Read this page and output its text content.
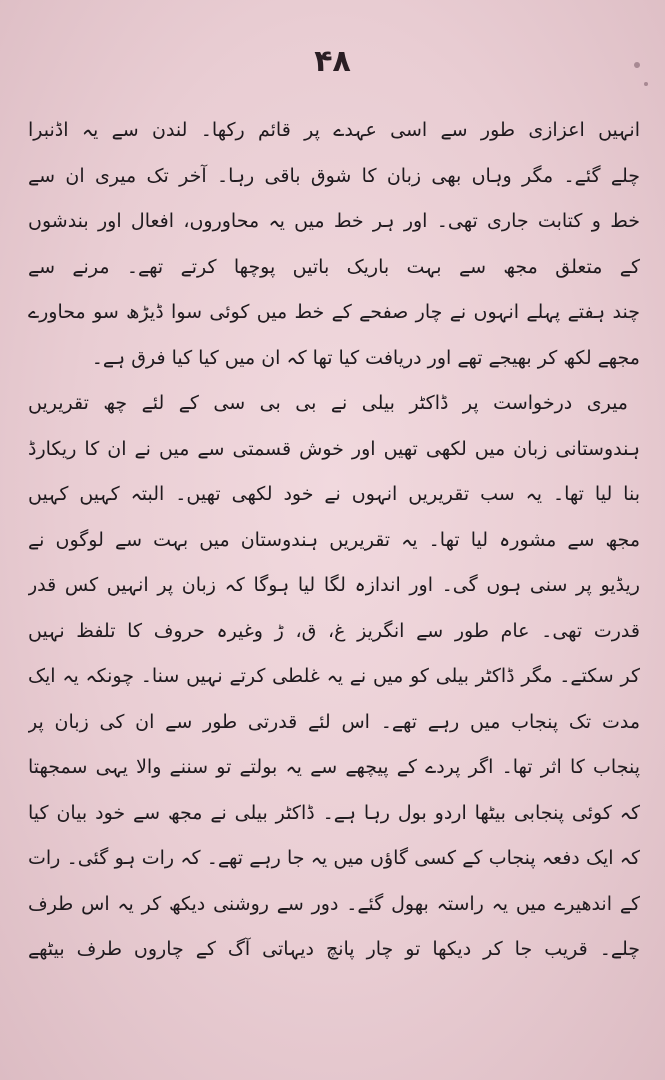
۴۸
انہیں اعزازی طور سے اسی عہدے پر قائم رکھا۔ لندن سے یہ اڈنبرا
چلے گئے۔ مگر وہاں بھی زبان کا شوق باقی رہا۔ آخر تک میری ان سے
خط و کتابت جاری تھی۔ اور ہر خط میں یہ محاوروں، افعال اور بندشوں
کے متعلق مجھ سے بہت باریک باتیں پوچھا کرتے تھے۔ مرنے سے
چند ہفتے پہلے انہوں نے چار صفحے کے خط میں کوئی سوا ڈیڑھ سو محاورے
مجھے لکھ کر بھیجے تھے اور دریافت کیا تھا کہ ان میں کیا کیا فرق ہے۔
میری درخواست پر ڈاکٹر بیلی نے بی بی سی کے لئے چھ تقریریں
ہندوستانی زبان میں لکھی تھیں اور خوش قسمتی سے میں نے ان کا ریکارڈ
بنا لیا تھا۔ یہ سب تقریریں انہوں نے خود لکھی تھیں۔ البتہ کہیں کہیں
مجھ سے مشورہ لیا تھا۔ یہ تقریریں ہندوستان میں بہت سے لوگوں نے
ریڈیو پر سنی ہوں گی۔ اور اندازہ لگا لیا ہوگا کہ زبان پر انہیں کس قدر
قدرت تھی۔ عام طور سے انگریز غ، ق، ڑ وغیرہ حروف کا تلفظ نہیں
کر سکتے۔ مگر ڈاکٹر بیلی کو میں نے یہ غلطی کرتے نہیں سنا۔ چونکہ یہ ایک
مدت تک پنجاب میں رہے تھے۔ اس لئے قدرتی طور سے ان کی زبان پر
پنجاب کا اثر تھا۔ اگر پردے کے پیچھے سے یہ بولتے تو سننے والا یہی سمجھتا
کہ کوئی پنجابی بیٹھا اردو بول رہا ہے۔ ڈاکٹر بیلی نے مجھ سے خود بیان کیا
کہ ایک دفعہ پنجاب کے کسی گاؤں میں یہ جا رہے تھے۔ کہ رات ہو گئی۔ رات
کے اندھیرے میں یہ راستہ بھول گئے۔ دور سے روشنی دیکھ کر یہ اس طرف
چلے۔ قریب جا کر دیکھا تو چار پانچ دیہاتی آگ کے چاروں طرف بیٹھے
